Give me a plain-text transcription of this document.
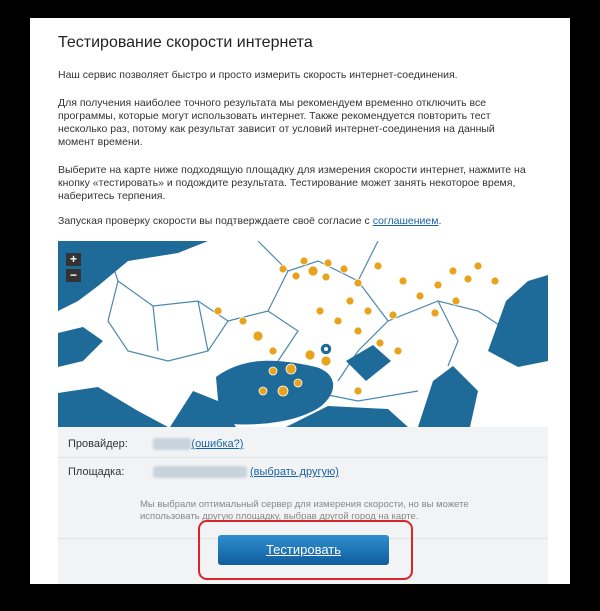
Тестирование скорости интернета
Наш сервис позволяет быстро и просто измерить скорость интернет-соединения.
Для получения наиболее точного результата мы рекомендуем временно отключить все программы, которые могут использовать интернет. Также рекомендуется повторить тест несколько раз, потому как результат зависит от условий интернет-соединения на данный момент времени.
Выберите на карте ниже подходящую площадку для измерения скорости интернет, нажмите на кнопку «тестировать» и подождите результата. Тестирование может занять некоторое время, наберитесь терпения.
Запуская проверку скорости вы подтверждаете своё согласие с соглашением.
+
−
Провайдер:	(ошибка?)
Площадка:	(выбрать другую)
Мы выбрали оптимальный сервер для измерения скорости, но вы можете использовать другую площадку, выбрав другой город на карте.
Тестировать
